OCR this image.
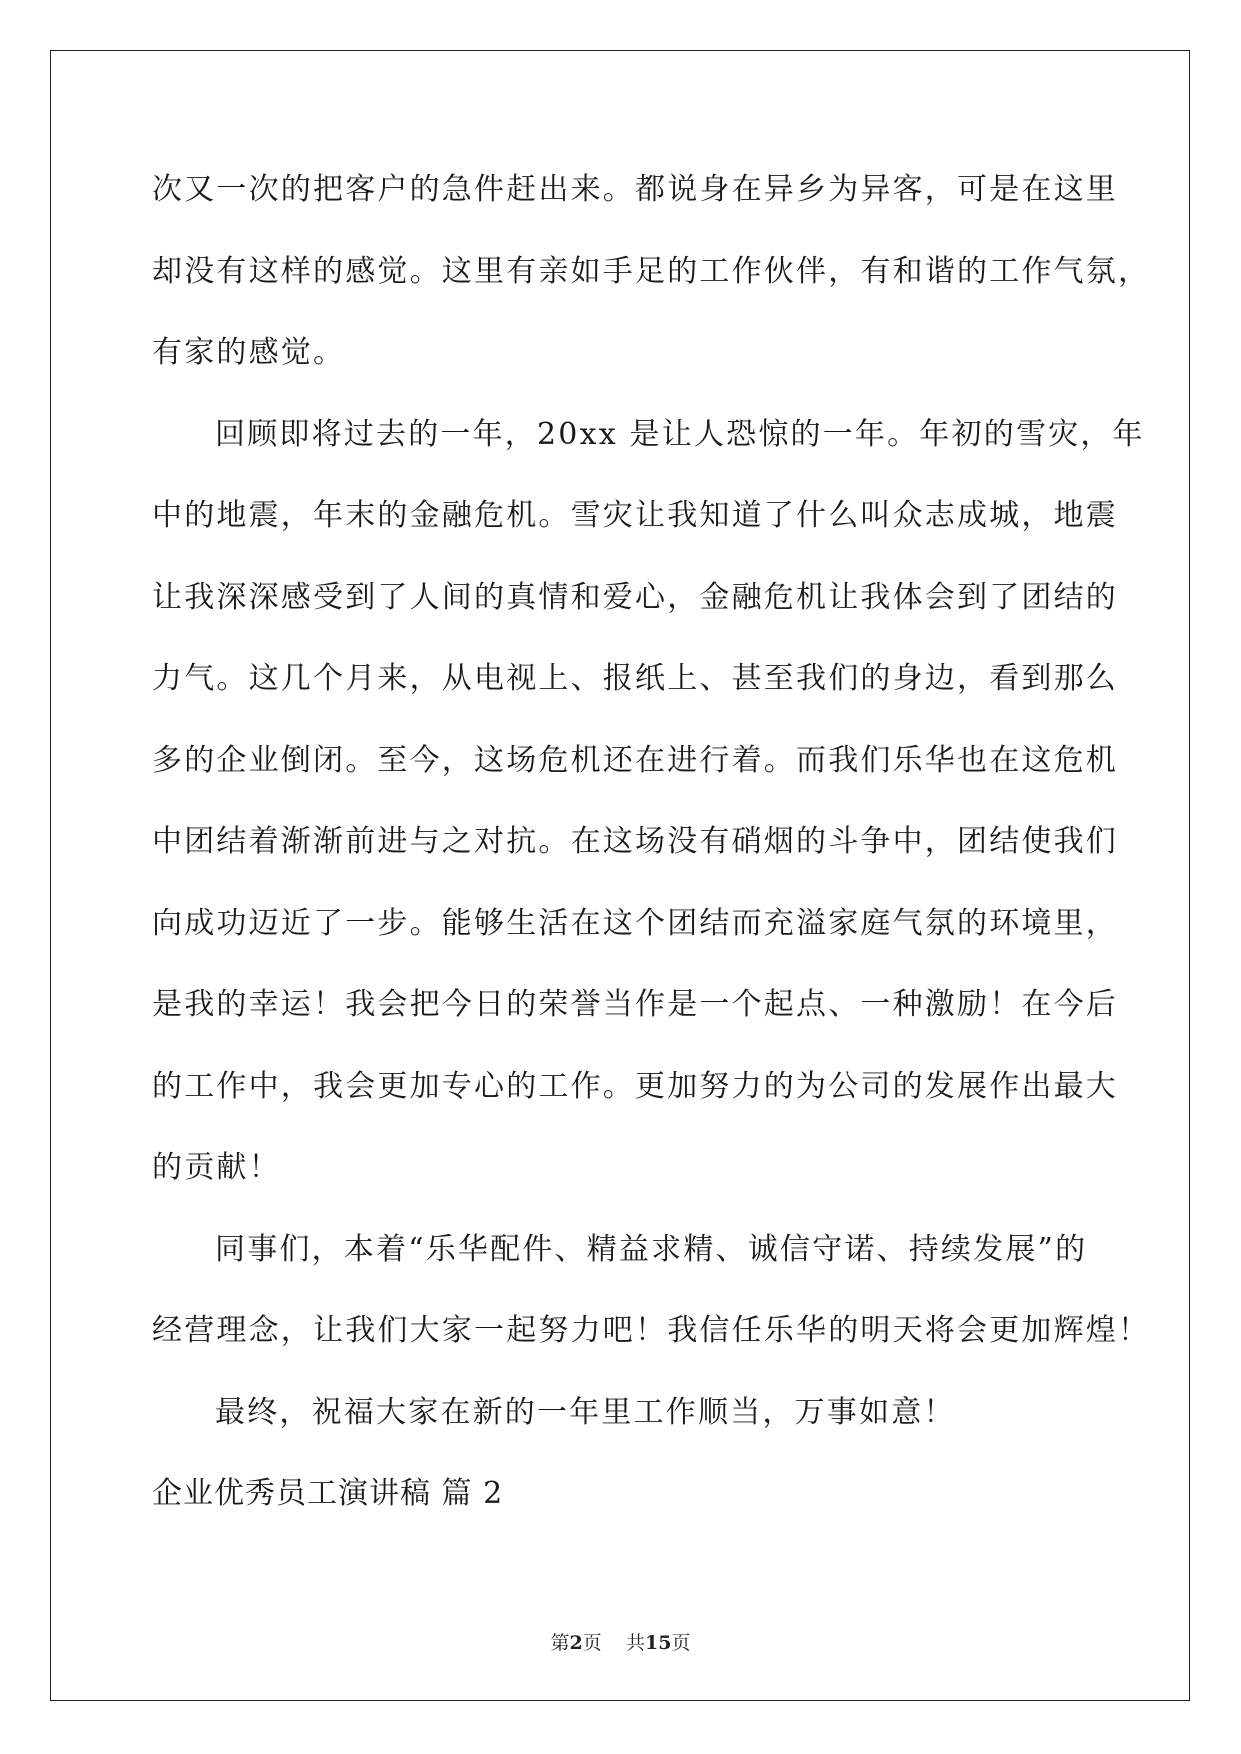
次又一次的把客户的急件赶出来。都说身在异乡为异客，可是在这里
却没有这样的感觉。这里有亲如手足的工作伙伴，有和谐的工作气氛，
有家的感觉。
回顾即将过去的一年，20xx 是让人恐惊的一年。年初的雪灾，年
中的地震，年末的金融危机。雪灾让我知道了什么叫众志成城，地震
让我深深感受到了人间的真情和爱心，金融危机让我体会到了团结的
力气。这几个月来，从电视上、报纸上、甚至我们的身边，看到那么
多的企业倒闭。至今，这场危机还在进行着。而我们乐华也在这危机
中团结着渐渐前进与之对抗。在这场没有硝烟的斗争中，团结使我们
向成功迈近了一步。能够生活在这个团结而充溢家庭气氛的环境里，
是我的幸运！我会把今日的荣誉当作是一个起点、一种激励！在今后
的工作中，我会更加专心的工作。更加努力的为公司的发展作出最大
的贡献！
同事们，本着“乐华配件、精益求精、诚信守诺、持续发展”的
经营理念，让我们大家一起努力吧！我信任乐华的明天将会更加辉煌！
最终，祝福大家在新的一年里工作顺当，万事如意！
企业优秀员工演讲稿 篇 2
第2页 共15页
